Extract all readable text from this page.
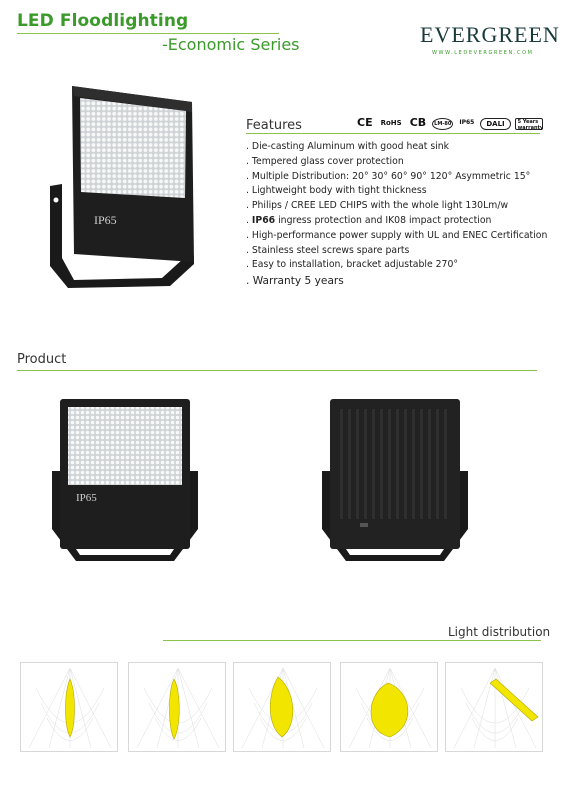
LED Floodlighting
-Economic Series	EVERGREEN
WWW.LEDEVERGREEN.COM
IP65
CE RoHS CB	LM-80	IP65	DALI	5 Years warranty
Features
. Die-casting Aluminum with good heat sink
. Tempered glass cover protection
. Multiple Distribution: 20° 30° 60° 90° 120° Asymmetric 15°
. Lightweight body with tight thickness
. Philips / CREE LED CHIPS with the whole light 130Lm/w
. IP66 ingress protection and IK08 impact protection
. High-performance power supply with UL and ENEC Certification
. Stainless steel screws spare parts
. Easy to installation, bracket adjustable 270°
. Warranty 5 years
Product
IP65
Light distribution
